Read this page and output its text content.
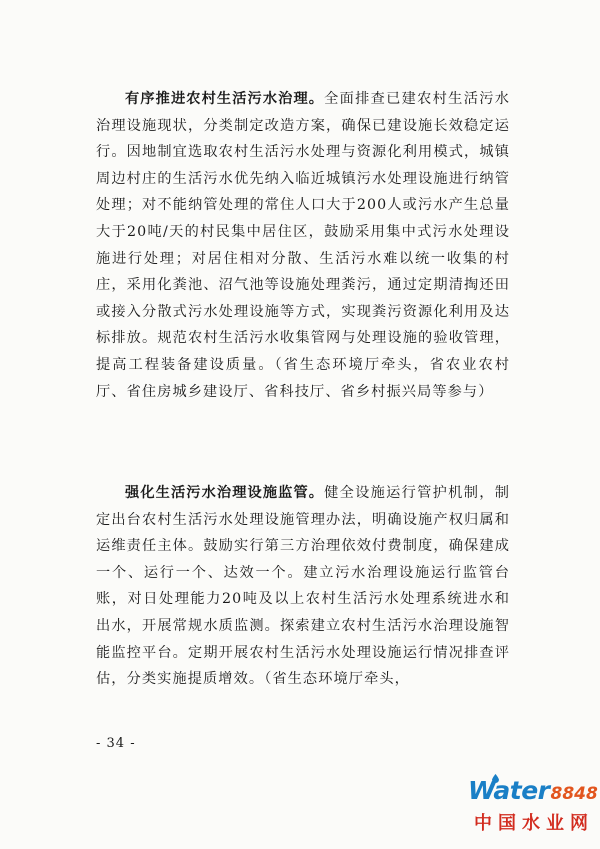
有序推进农村生活污水治理。全面排查已建农村生活污水治理设施现状，分类制定改造方案，确保已建设施长效稳定运行。因地制宜选取农村生活污水处理与资源化利用模式，城镇周边村庄的生活污水优先纳入临近城镇污水处理设施进行纳管处理；对不能纳管处理的常住人口大于200人或污水产生总量大于20吨/天的村民集中居住区，鼓励采用集中式污水处理设施进行处理；对居住相对分散、生活污水难以统一收集的村庄，采用化粪池、沼气池等设施处理粪污，通过定期清掏还田或接入分散式污水处理设施等方式，实现粪污资源化利用及达标排放。规范农村生活污水收集管网与处理设施的验收管理，提高工程装备建设质量。（省生态环境厅牵头，省农业农村厅、省住房城乡建设厅、省科技厅、省乡村振兴局等参与）

强化生活污水治理设施监管。健全设施运行管护机制，制定出台农村生活污水处理设施管理办法，明确设施产权归属和运维责任主体。鼓励实行第三方治理依效付费制度，确保建成一个、运行一个、达效一个。建立污水治理设施运行监管台账，对日处理能力20吨及以上农村生活污水处理系统进水和出水，开展常规水质监测。探索建立农村生活污水治理设施智能监控平台。定期开展农村生活污水处理设施运行情况排查评估，分类实施提质增效。（省生态环境厅牵头，

- 34 -
Water8848
中国水业网
